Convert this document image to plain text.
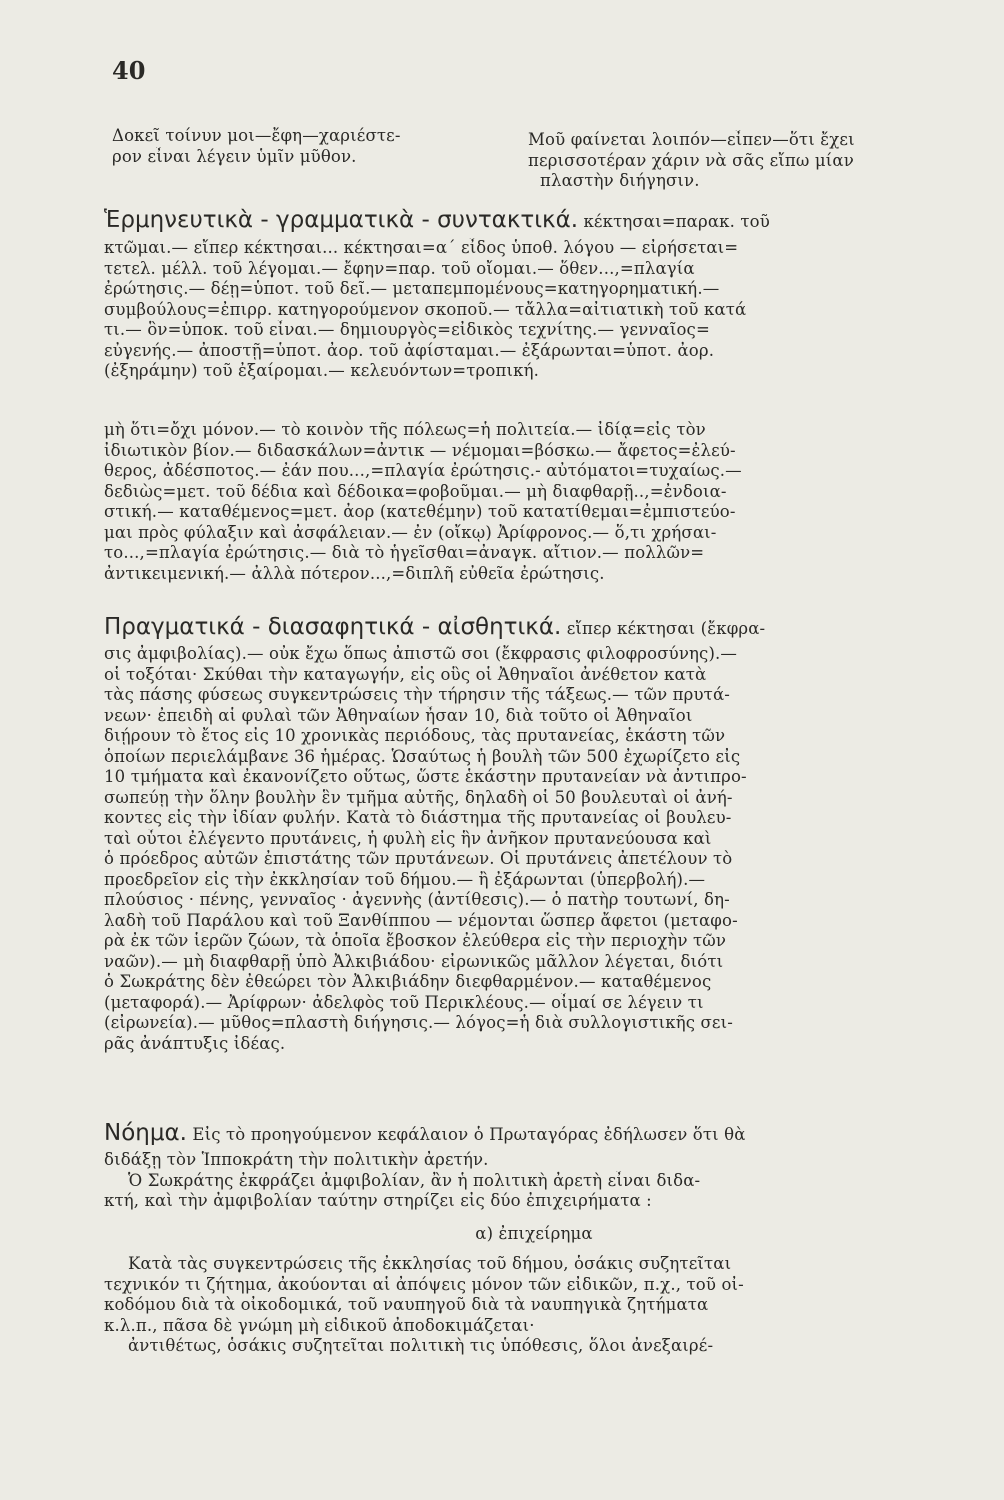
40
Δοκεῖ τοίνυν μοι—ἔφη—χαριέστε-
ρον εἶναι λέγειν ὑμῖν μῦθον.
Μοῦ φαίνεται λοιπόν—εἶπεν—ὅτι ἔχει
περισσοτέραν χάριν νὰ σᾶς εἴπω μίαν
πλαστὴν διήγησιν.
Ἑρμηνευτικὰ - γραμματικὰ - συντακτικά. κέκτησαι=παρακ. τοῦ
κτῶμαι.— εἴπερ κέκτησαι... κέκτησαι=α´ εἶδος ὑποθ. λόγου — εἰρήσεται=
τετελ. μέλλ. τοῦ λέγομαι.— ἔφην=παρ. τοῦ οἴομαι.— ὅθεν...,=πλαγία
ἐρώτησις.— δέῃ=ὑποτ. τοῦ δεῖ.— μεταπεμπομένους=κατηγορηματική.—
συμβούλους=ἐπιρρ. κατηγορούμενον σκοποῦ.— τἄλλα=αἰτιατικὴ τοῦ κατά
τι.— ὃν=ὑποκ. τοῦ εἶναι.— δημιουργὸς=εἰδικὸς τεχνίτης.— γενναῖος=
εὐγενής.— ἀποστῇ=ὑποτ. ἀορ. τοῦ ἀφίσταμαι.— ἐξάρωνται=ὑποτ. ἀορ.
(ἐξηράμην) τοῦ ἐξαίρομαι.— κελευόντων=τροπική.
μὴ ὅτι=ὄχι μόνον.— τὸ κοινὸν τῆς πόλεως=ἡ πολιτεία.— ἰδίᾳ=εἰς τὸν
ἰδιωτικὸν βίον.— διδασκάλων=ἀντικ — νέμομαι=βόσκω.— ἄφετος=ἐλεύ-
θερος, ἀδέσποτος.— ἐάν που...,=πλαγία ἐρώτησις.- αὐτόματοι=τυχαίως.—
δεδιὼς=μετ. τοῦ δέδια καὶ δέδοικα=φοβοῦμαι.— μὴ διαφθαρῇ..,=ἐνδοια-
στική.— καταθέμενος=μετ. ἀορ (κατεθέμην) τοῦ κατατίθεμαι=ἐμπιστεύο-
μαι πρὸς φύλαξιν καὶ ἀσφάλειαν.— ἐν (οἴκῳ) Ἀρίφρονος.— ὅ,τι χρήσαι-
το...,=πλαγία ἐρώτησις.— διὰ τὸ ἡγεῖσθαι=ἀναγκ. αἴτιον.— πολλῶν=
ἀντικειμενική.— ἀλλὰ πότερον...,=διπλῆ εὐθεῖα ἐρώτησις.
Πραγματικά - διασαφητικά - αἰσθητικά. εἴπερ κέκτησαι (ἔκφρα-
σις ἀμφιβολίας).— οὐκ ἔχω ὅπως ἀπιστῶ σοι (ἔκφρασις φιλοφροσύνης).—
οἱ τοξόται· Σκύθαι τὴν καταγωγήν, εἰς οὓς οἱ Ἀθηναῖοι ἀνέθετον κατὰ
τὰς πάσης φύσεως συγκεντρώσεις τὴν τήρησιν τῆς τάξεως.— τῶν πρυτά-
νεων· ἐπειδὴ αἱ φυλαὶ τῶν Ἀθηναίων ἦσαν 10, διὰ τοῦτο οἱ Ἀθηναῖοι
διῄρουν τὸ ἔτος εἰς 10 χρονικὰς περιόδους, τὰς πρυτανείας, ἑκάστη τῶν
ὁποίων περιελάμβανε 36 ἡμέρας. Ὡσαύτως ἡ βουλὴ τῶν 500 ἐχωρίζετο εἰς
10 τμήματα καὶ ἐκανονίζετο οὕτως, ὥστε ἑκάστην πρυτανείαν νὰ ἀντιπρο-
σωπεύῃ τὴν ὅλην βουλὴν ἓν τμῆμα αὐτῆς, δηλαδὴ οἱ 50 βουλευταὶ οἱ ἀνή-
κοντες εἰς τὴν ἰδίαν φυλήν. Κατὰ τὸ διάστημα τῆς πρυτανείας οἱ βουλευ-
ταὶ οὗτοι ἐλέγεντο πρυτάνεις, ἡ φυλὴ εἰς ἣν ἀνῆκον πρυτανεύουσα καὶ
ὁ πρόεδρος αὐτῶν ἐπιστάτης τῶν πρυτάνεων. Οἱ πρυτάνεις ἀπετέλουν τὸ
προεδρεῖον εἰς τὴν ἐκκλησίαν τοῦ δήμου.— ἢ ἐξάρωνται (ὑπερβολή).—
πλούσιος · πένης, γενναῖος · ἀγεννὴς (ἀντίθεσις).— ὁ πατὴρ τουτωνί, δη-
λαδὴ τοῦ Παράλου καὶ τοῦ Ξανθίππου — νέμονται ὥσπερ ἄφετοι (μεταφο-
ρὰ ἐκ τῶν ἱερῶν ζώων, τὰ ὁποῖα ἔβοσκον ἐλεύθερα εἰς τὴν περιοχὴν τῶν
ναῶν).— μὴ διαφθαρῇ ὑπὸ Ἀλκιβιάδου· εἰρωνικῶς μᾶλλον λέγεται, διότι
ὁ Σωκράτης δὲν ἐθεώρει τὸν Ἀλκιβιάδην διεφθαρμένον.— καταθέμενος
(μεταφορά).— Ἀρίφρων· ἀδελφὸς τοῦ Περικλέους.— οἶμαί σε λέγειν τι
(εἰρωνεία).— μῦθος=πλαστὴ διήγησις.— λόγος=ἡ διὰ συλλογιστικῆς σει-
ρᾶς ἀνάπτυξις ἰδέας.
Νόημα. Εἰς τὸ προηγούμενον κεφάλαιον ὁ Πρωταγόρας ἐδήλωσεν ὅτι θὰ
διδάξῃ τὸν Ἱπποκράτη τὴν πολιτικὴν ἀρετήν.
Ὁ Σωκράτης ἐκφράζει ἀμφιβολίαν, ἂν ἡ πολιτικὴ ἀρετὴ εἶναι διδα-
κτή, καὶ τὴν ἀμφιβολίαν ταύτην στηρίζει εἰς δύο ἐπιχειρήματα :
α) ἐπιχείρημα
Κατὰ τὰς συγκεντρώσεις τῆς ἐκκλησίας τοῦ δήμου, ὁσάκις συζητεῖται
τεχνικόν τι ζήτημα, ἀκούονται αἱ ἀπόψεις μόνον τῶν εἰδικῶν, π.χ., τοῦ οἰ-
κοδόμου διὰ τὰ οἰκοδομικά, τοῦ ναυπηγοῦ διὰ τὰ ναυπηγικὰ ζητήματα
κ.λ.π., πᾶσα δὲ γνώμη μὴ εἰδικοῦ ἀποδοκιμάζεται·
ἀντιθέτως, ὁσάκις συζητεῖται πολιτικὴ τις ὑπόθεσις, ὅλοι ἀνεξαιρέ-
